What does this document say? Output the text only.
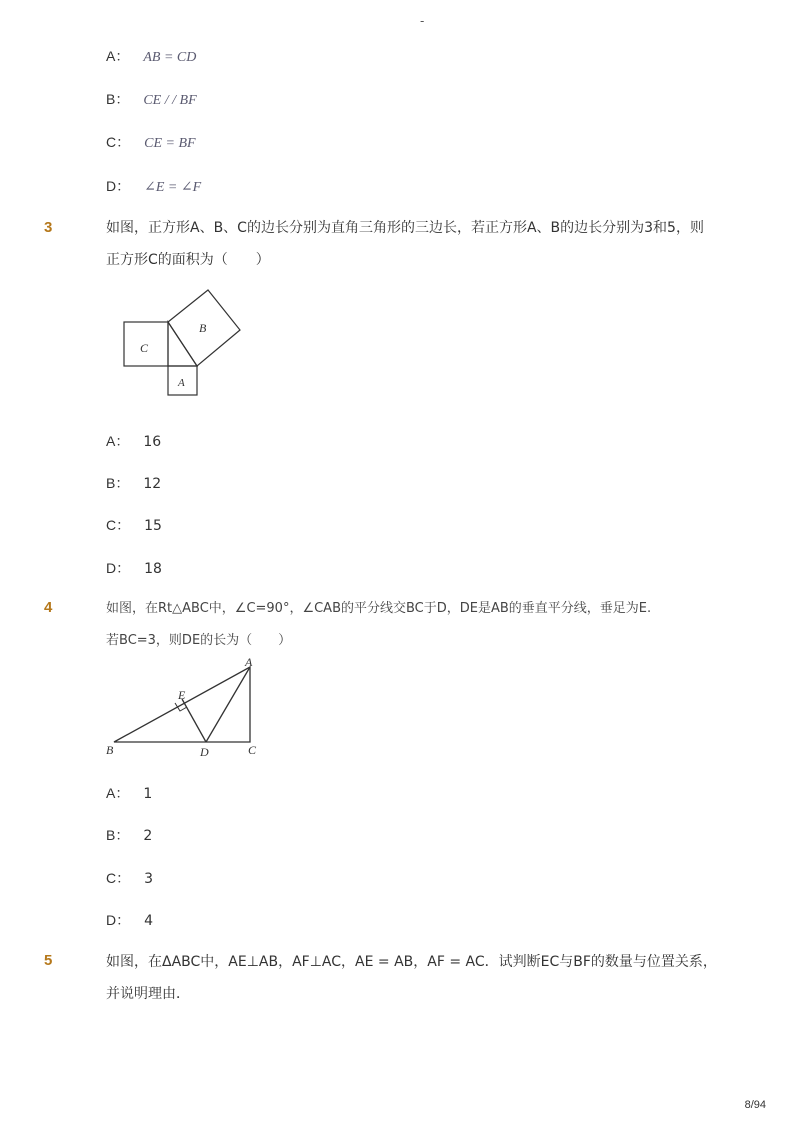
-
A： AB = CD
B： CE / / BF
C： CE = BF
D： ∠E = ∠F
3	如图，正方形A、B、C的边长分别为直角三角形的三边长，若正方形A、B的边长分别为3和5，则
正方形C的面积为（　　）
C
B
A
A： 16
B： 12
C： 15
D： 18
4	如图，在Rt△ABC中，∠C=90°，∠CAB的平分线交BC于D，DE是AB的垂直平分线，垂足为E.
若BC=3，则DE的长为（　　）
A
B	C
D
E
A： 1
B： 2
C： 3
D： 4
5	如图，在ΔABC中，AE⊥AB，AF⊥AC，AE = AB，AF = AC．试判断EC与BF的数量与位置关系，
并说明理由．
8/94
